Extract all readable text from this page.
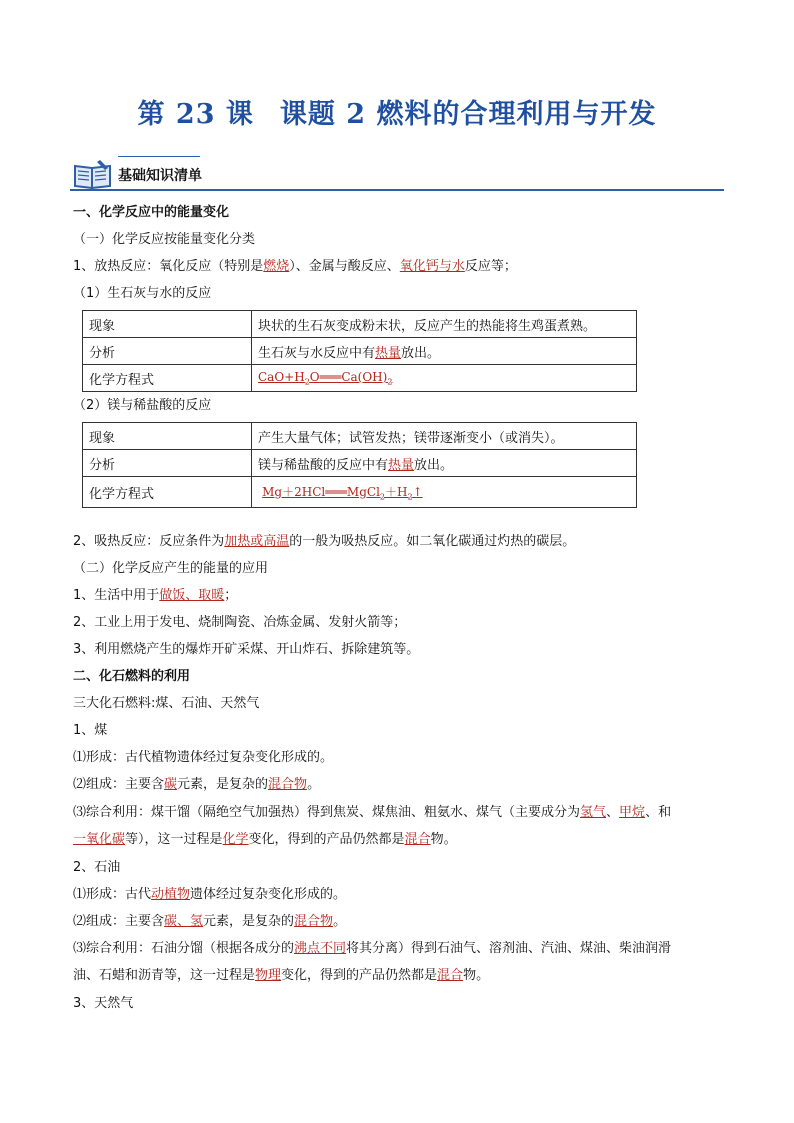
第 23 课 课题 2 燃料的合理利用与开发
基础知识清单
一、化学反应中的能量变化
（一）化学反应按能量变化分类
1、放热反应：氧化反应（特别是燃烧）、金属与酸反应、氧化钙与水反应等；
（1）生石灰与水的反应
现象	块状的生石灰变成粉末状，反应产生的热能将生鸡蛋煮熟。
分析	生石灰与水反应中有热量放出。
化学方程式	$CaO+H_2O═══Ca(OH)_2$
（2）镁与稀盐酸的反应
现象	产生大量气体；试管发热；镁带逐渐变小（或消失）。
分析	镁与稀盐酸的反应中有热量放出。
化学方程式	$Mg+2HCl═══MgCl_2+H_2↑$
2、吸热反应：反应条件为加热或高温的一般为吸热反应。如二氧化碳通过灼热的碳层。
（二）化学反应产生的能量的应用
1、生活中用于做饭、取暖；
2、工业上用于发电、烧制陶瓷、冶炼金属、发射火箭等；
3、利用燃烧产生的爆炸开矿采煤、开山炸石、拆除建筑等。
二、化石燃料的利用
三大化石燃料:煤、石油、天然气
1、煤
⑴形成：古代植物遗体经过复杂变化形成的。
⑵组成：主要含碳元素，是复杂的混合物。
⑶综合利用：煤干馏（隔绝空气加强热）得到焦炭、煤焦油、粗氨水、煤气（主要成分为氢气、甲烷、和
一氧化碳等），这一过程是化学变化，得到的产品仍然都是混合物。
2、石油
⑴形成：古代动植物遗体经过复杂变化形成的。
⑵组成：主要含碳、氢元素，是复杂的混合物。
⑶综合利用：石油分馏（根据各成分的沸点不同将其分离）得到石油气、溶剂油、汽油、煤油、柴油润滑
油、石蜡和沥青等，这一过程是物理变化，得到的产品仍然都是混合物。
3、天然气
